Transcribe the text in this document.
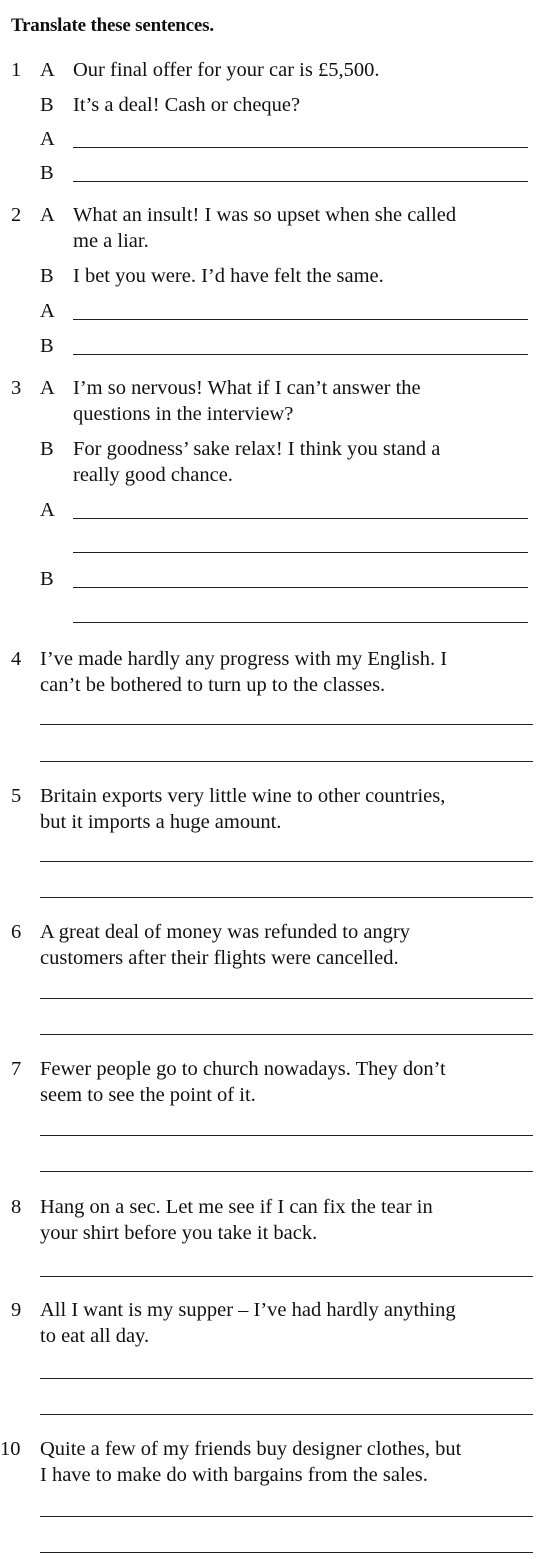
Translate these sentences.
1 A Our final offer for your car is £5,500.
B It’s a deal! Cash or cheque?
A
B
2 A What an insult! I was so upset when she called
me a liar.
B I bet you were. I’d have felt the same.
A
B
3 A I’m so nervous! What if I can’t answer the
questions in the interview?
B For goodness’ sake relax! I think you stand a
really good chance.
A
B
4 I’ve made hardly any progress with my English. I
can’t be bothered to turn up to the classes.
5 Britain exports very little wine to other countries,
but it imports a huge amount.
6 A great deal of money was refunded to angry
customers after their flights were cancelled.
7 Fewer people go to church nowadays. They don’t
seem to see the point of it.
8 Hang on a sec. Let me see if I can fix the tear in
your shirt before you take it back.
9 All I want is my supper – I’ve had hardly anything
to eat all day.
10 Quite a few of my friends buy designer clothes, but
I have to make do with bargains from the sales.
